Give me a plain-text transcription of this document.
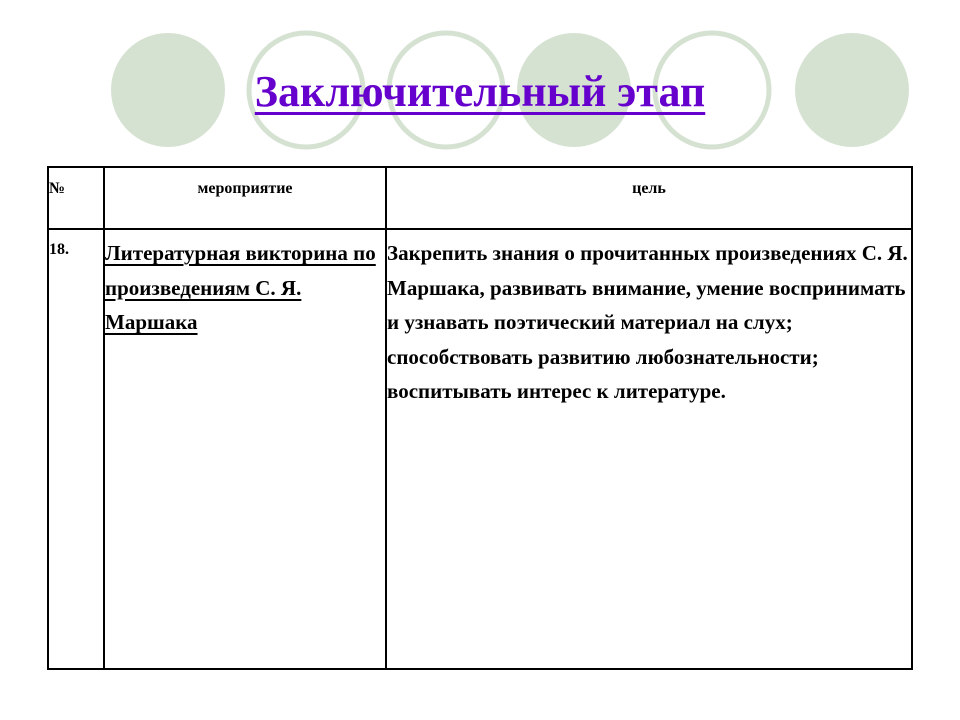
Заключительный этап
№	мероприятие	цель
18.	Литературная викторина по произведениям С. Я. Маршака	Закрепить знания о прочитанных произведениях С. Я. Маршака, развивать внимание, умение воспринимать и узнавать поэтический материал на слух; способствовать развитию любознательности; воспитывать интерес к литературе.
